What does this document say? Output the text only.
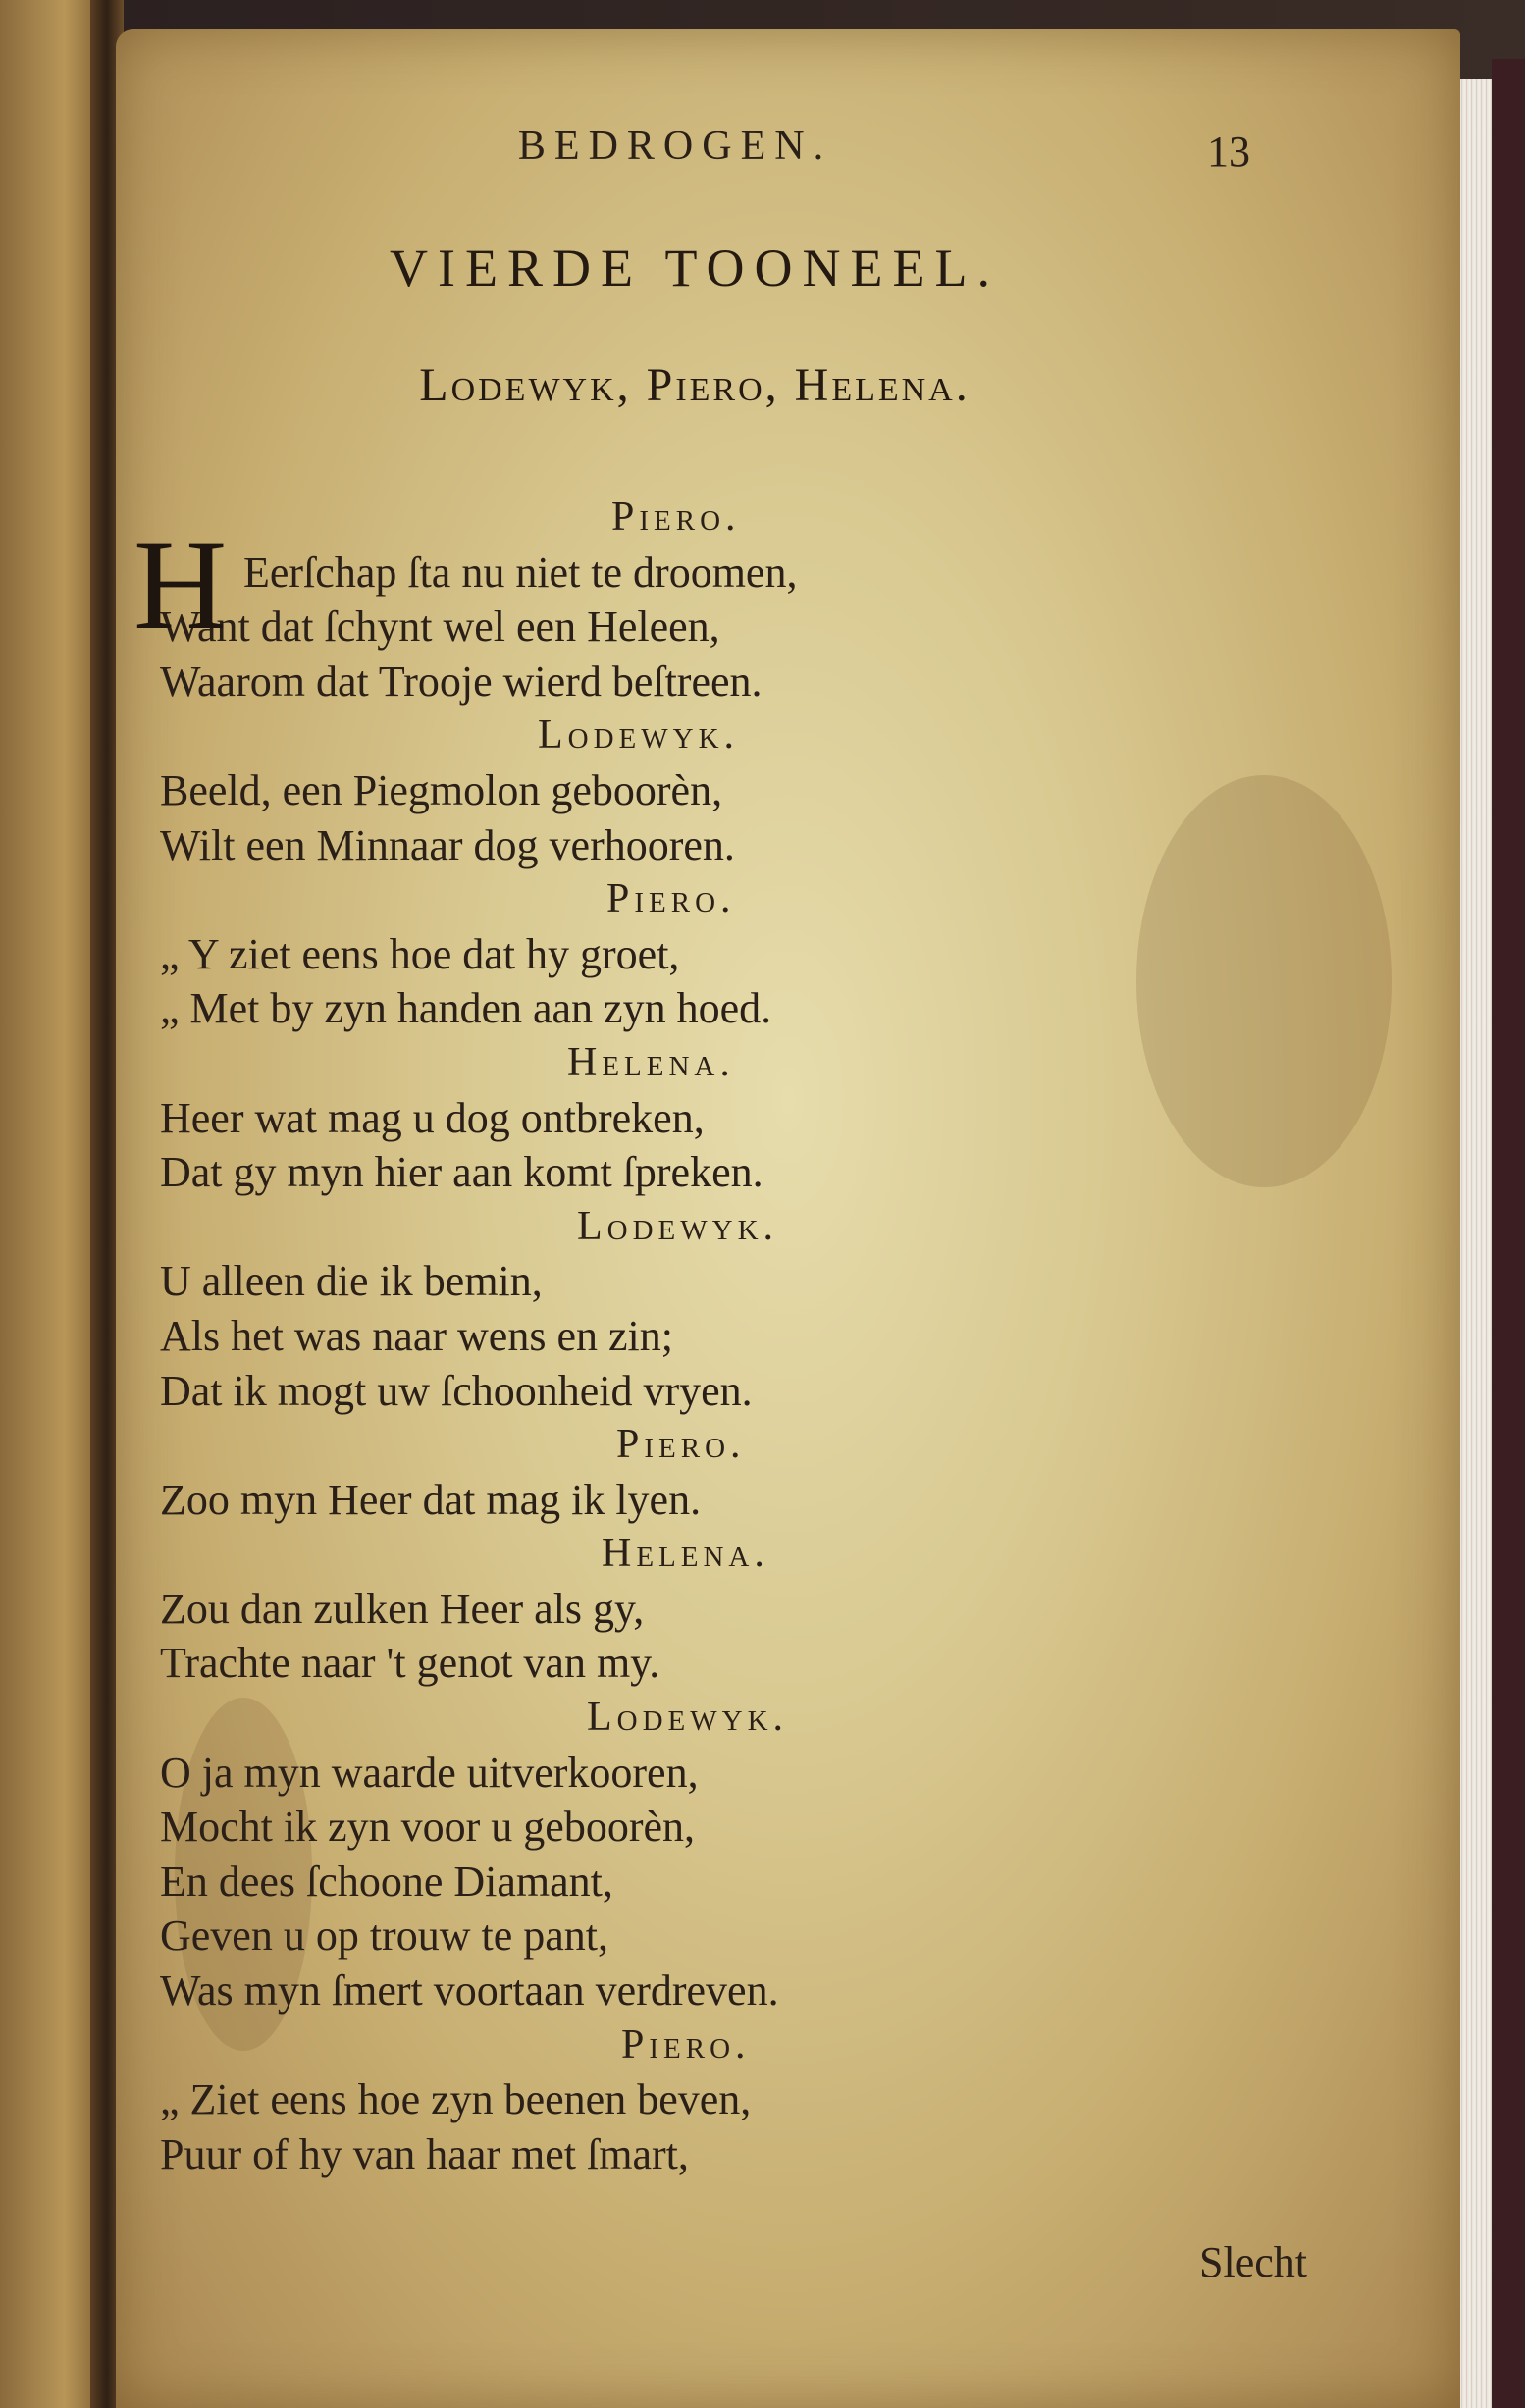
BEDROGEN.	13
VIERDE TOONEEL.
Lodewyk, Piero, Helena.
H	Piero.
Eerſchap ſta nu niet te droomen,
Want dat ſchynt wel een Heleen,
Waarom dat Trooje wierd beſtreen.
Lodewyk.
Beeld, een Piegmolon geboorèn,
Wilt een Minnaar dog verhooren.
Piero.
„ Y ziet eens hoe dat hy groet,
„ Met by zyn handen aan zyn hoed.
Helena.
Heer wat mag u dog ontbreken,
Dat gy myn hier aan komt ſpreken.
Lodewyk.
U alleen die ik bemin,
Als het was naar wens en zin;
Dat ik mogt uw ſchoonheid vryen.
Piero.
Zoo myn Heer dat mag ik lyen.
Helena.
Zou dan zulken Heer als gy,
Trachte naar 't genot van my.
Lodewyk.
O ja myn waarde uitverkooren,
Mocht ik zyn voor u geboorèn,
En dees ſchoone Diamant,
Geven u op trouw te pant,
Was myn ſmert voortaan verdreven.
Piero.
„ Ziet eens hoe zyn beenen beven,
Puur of hy van haar met ſmart,
Slecht
